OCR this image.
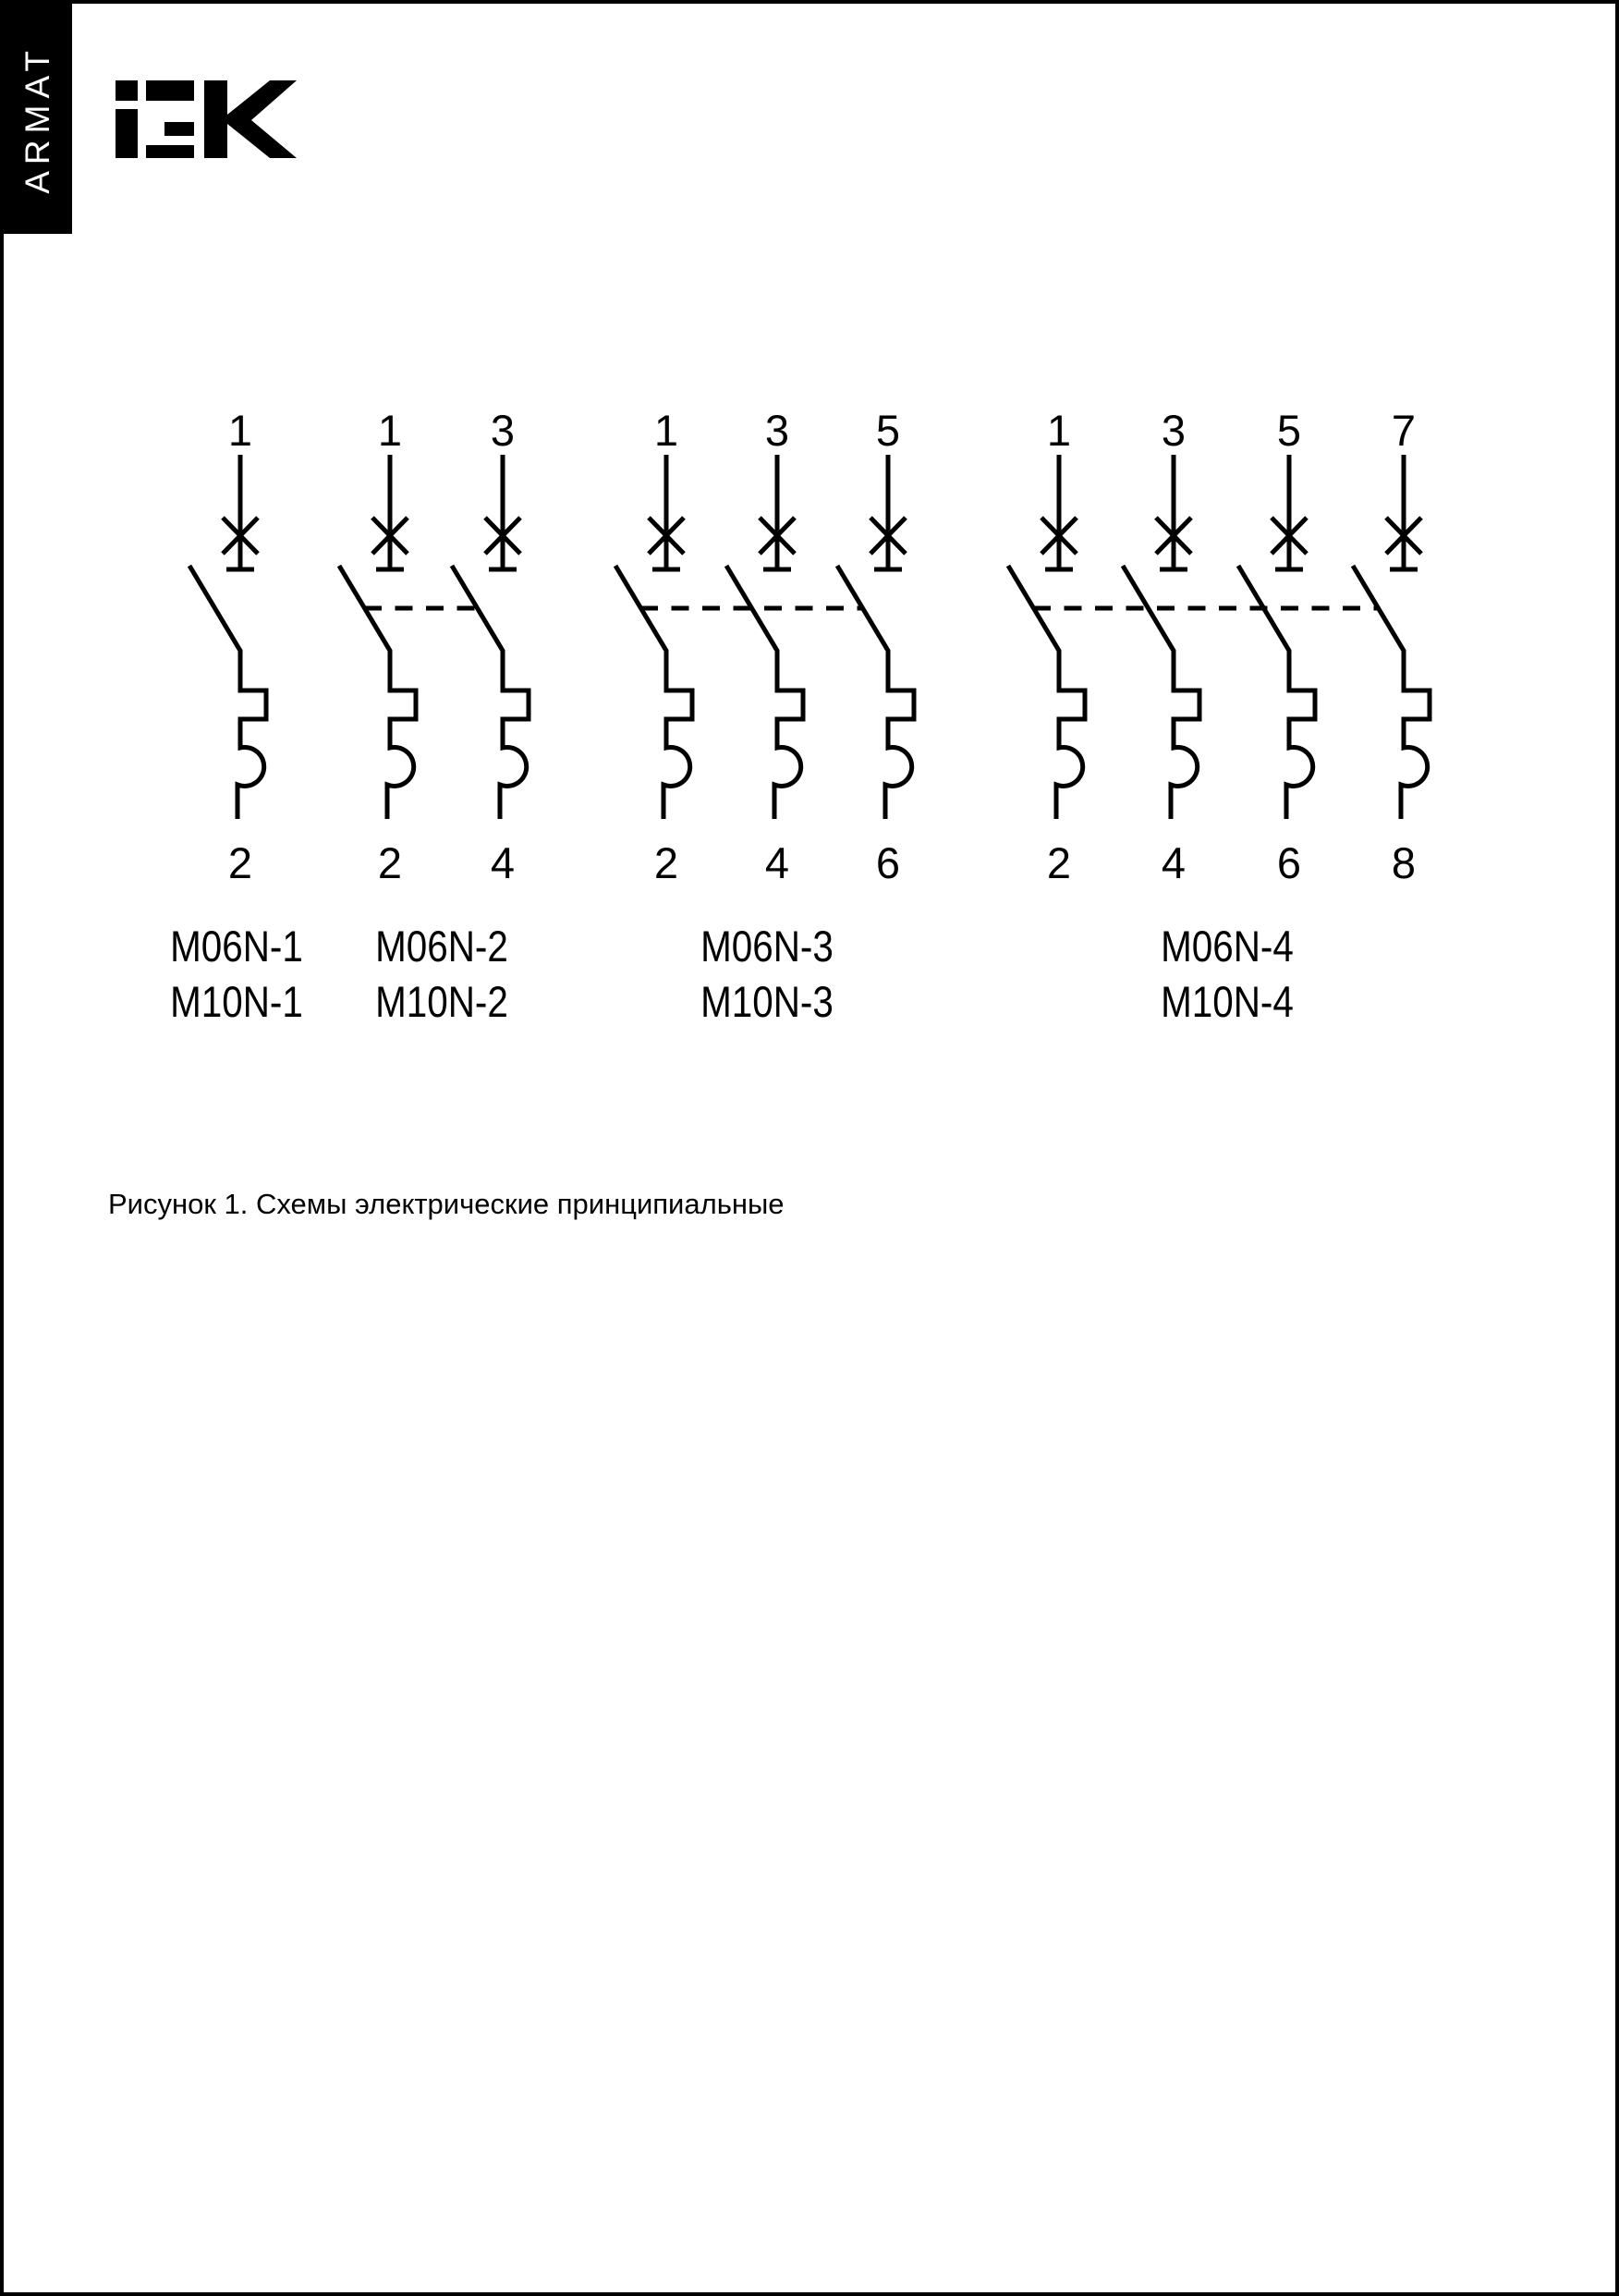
ARMAT
1
2
1
2
3
4
1
2
3
4
5
6
1
2
3
4
5
6
7
8
Рисунок 1. Схемы электрические принципиальные
M06N-1
M10N-1
M06N-2
M10N-2
M06N-3
M10N-3
M06N-4
M10N-4
